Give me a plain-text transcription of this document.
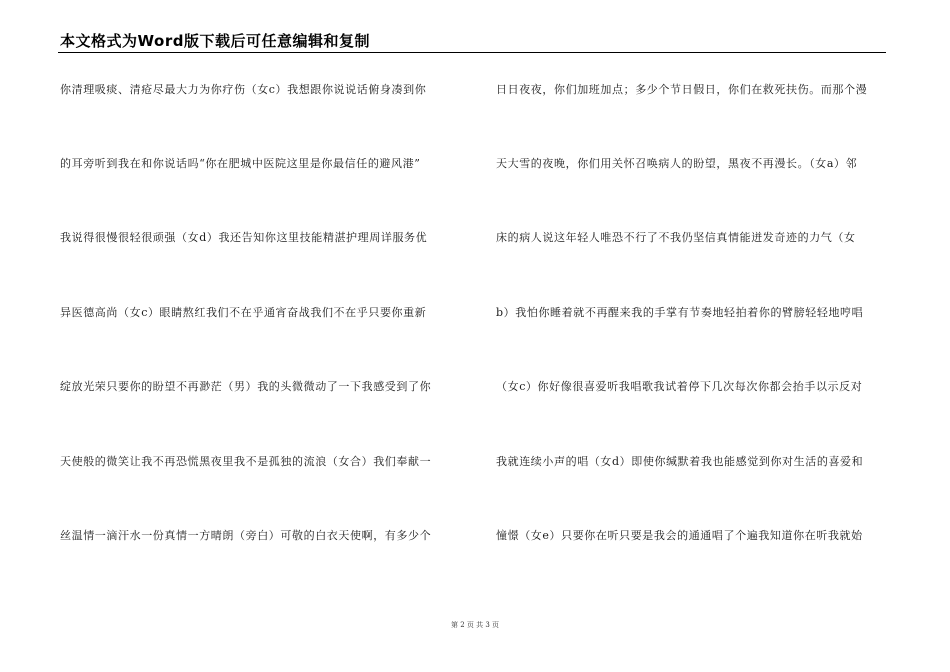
本文格式为Word版下载后可任意编辑和复制
你清理吸痰、清疮尽最大力为你疗伤（女c）我想跟你说说话俯身凑到你
的耳旁听到我在和你说话吗“你在肥城中医院这里是你最信任的避风港”
我说得很慢很轻很顽强（女d）我还告知你这里技能精湛护理周详服务优
异医德高尚（女c）眼睛熬红我们不在乎通宵奋战我们不在乎只要你重新
绽放光荣只要你的盼望不再渺茫（男）我的头微微动了一下我感受到了你
天使般的微笑让我不再恐慌黑夜里我不是孤独的流浪（女合）我们奉献一
丝温情一滴汗水一份真情一方晴朗（旁白）可敬的白衣天使啊，有多少个
日日夜夜，你们加班加点；多少个节日假日，你们在救死扶伤。而那个漫
天大雪的夜晚，你们用关怀召唤病人的盼望，黑夜不再漫长。（女a）邻
床的病人说这年轻人唯恐不行了不我仍坚信真情能迸发奇迹的力气（女
b）我怕你睡着就不再醒来我的手掌有节奏地轻拍着你的臂膀轻轻地哼唱
（女c）你好像很喜爱听我唱歌我试着停下几次每次你都会抬手以示反对
我就连续小声的唱（女d）即使你缄默着我也能感觉到你对生活的喜爱和
憧憬（女e）只要你在听只要是我会的通通唱了个遍我知道你在听我就始
第 2 页 共 3 页
